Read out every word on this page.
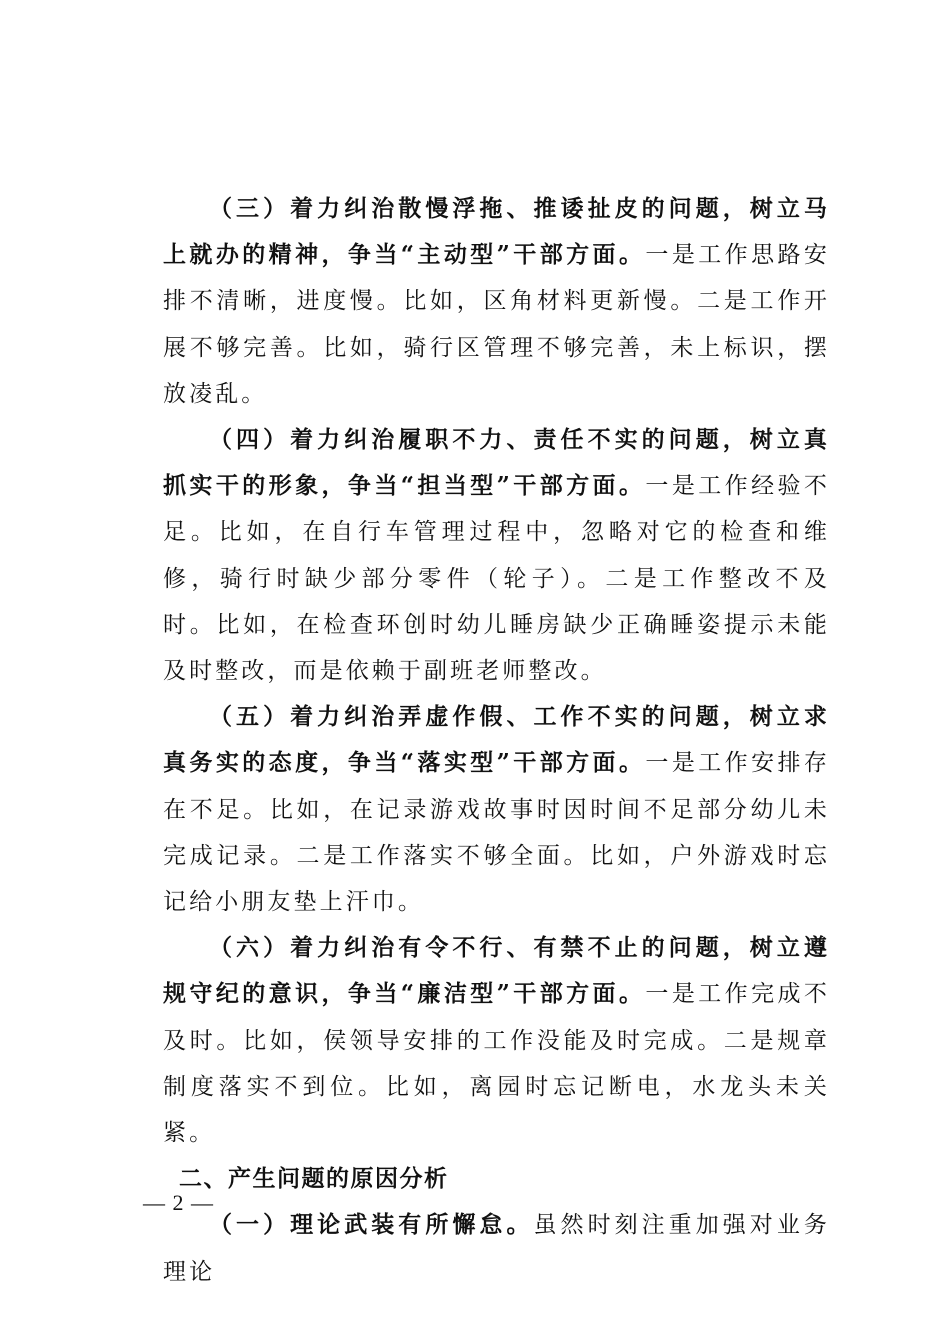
（三）着力纠治散慢浮拖、推诿扯皮的问题，树立马上就办的精神，争当“主动型”干部方面。一是工作思路安排不清晰，进度慢。比如，区角材料更新慢。二是工作开展不够完善。比如，骑行区管理不够完善，未上标识，摆放凌乱。

（四）着力纠治履职不力、责任不实的问题，树立真抓实干的形象，争当“担当型”干部方面。一是工作经验不足。比如，在自行车管理过程中，忽略对它的检查和维修，骑行时缺少部分零件（轮子）。二是工作整改不及时。比如，在检查环创时幼儿睡房缺少正确睡姿提示未能及时整改，而是依赖于副班老师整改。

（五）着力纠治弄虚作假、工作不实的问题，树立求真务实的态度，争当“落实型”干部方面。一是工作安排存在不足。比如，在记录游戏故事时因时间不足部分幼儿未完成记录。二是工作落实不够全面。比如，户外游戏时忘记给小朋友垫上汗巾。

（六）着力纠治有令不行、有禁不止的问题，树立遵规守纪的意识，争当“廉洁型”干部方面。一是工作完成不及时。比如，侯领导安排的工作没能及时完成。二是规章制度落实不到位。比如，离园时忘记断电，水龙头未关紧。

二、产生问题的原因分析

（一）理论武装有所懈怠。虽然时刻注重加强对业务理论

— 2 —
